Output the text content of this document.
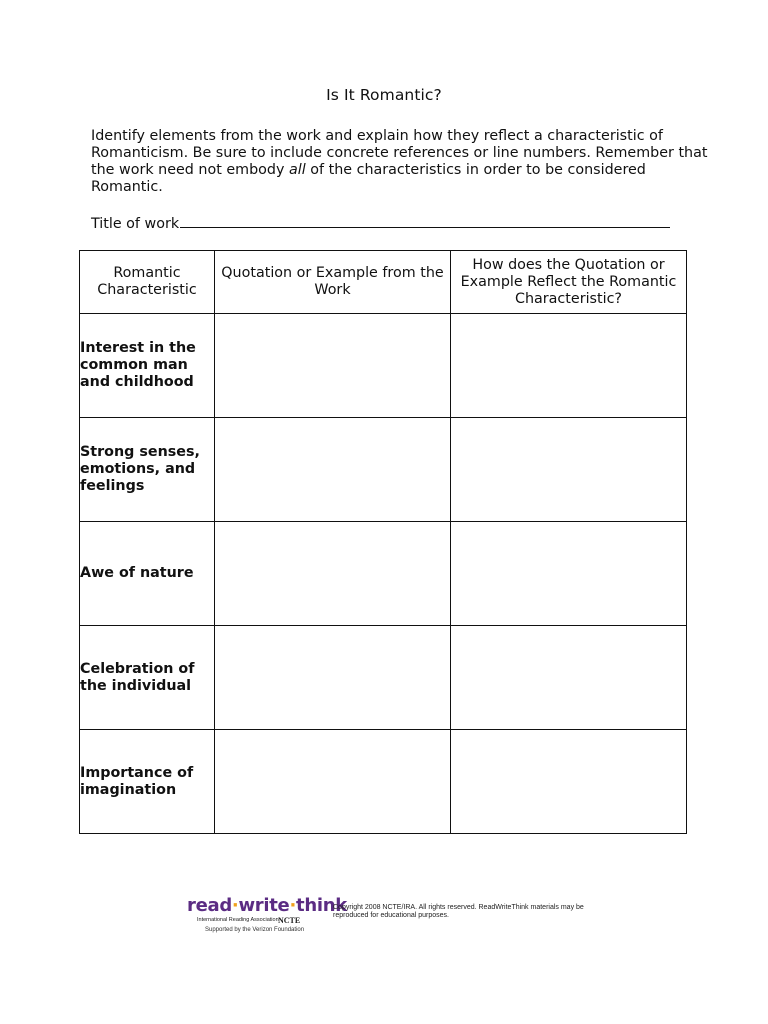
Is It Romantic?
Identify elements from the work and explain how they reflect a characteristic of Romanticism. Be sure to include concrete references or line numbers. Remember that the work need not embody all of the characteristics in order to be considered Romantic.
Title of work
Romantic Characteristic	Quotation or Example from the Work	How does the Quotation or Example Reflect the Romantic Characteristic?
Interest in the common man and childhood		
Strong senses, emotions, and feelings		
Awe of nature		
Celebration of the individual		
Importance of imagination		
read·write·think
International Reading Association NCTE
Supported by the Verizon Foundation
Copyright 2008 NCTE/IRA. All rights reserved. ReadWriteThink materials may be reproduced for educational purposes.
